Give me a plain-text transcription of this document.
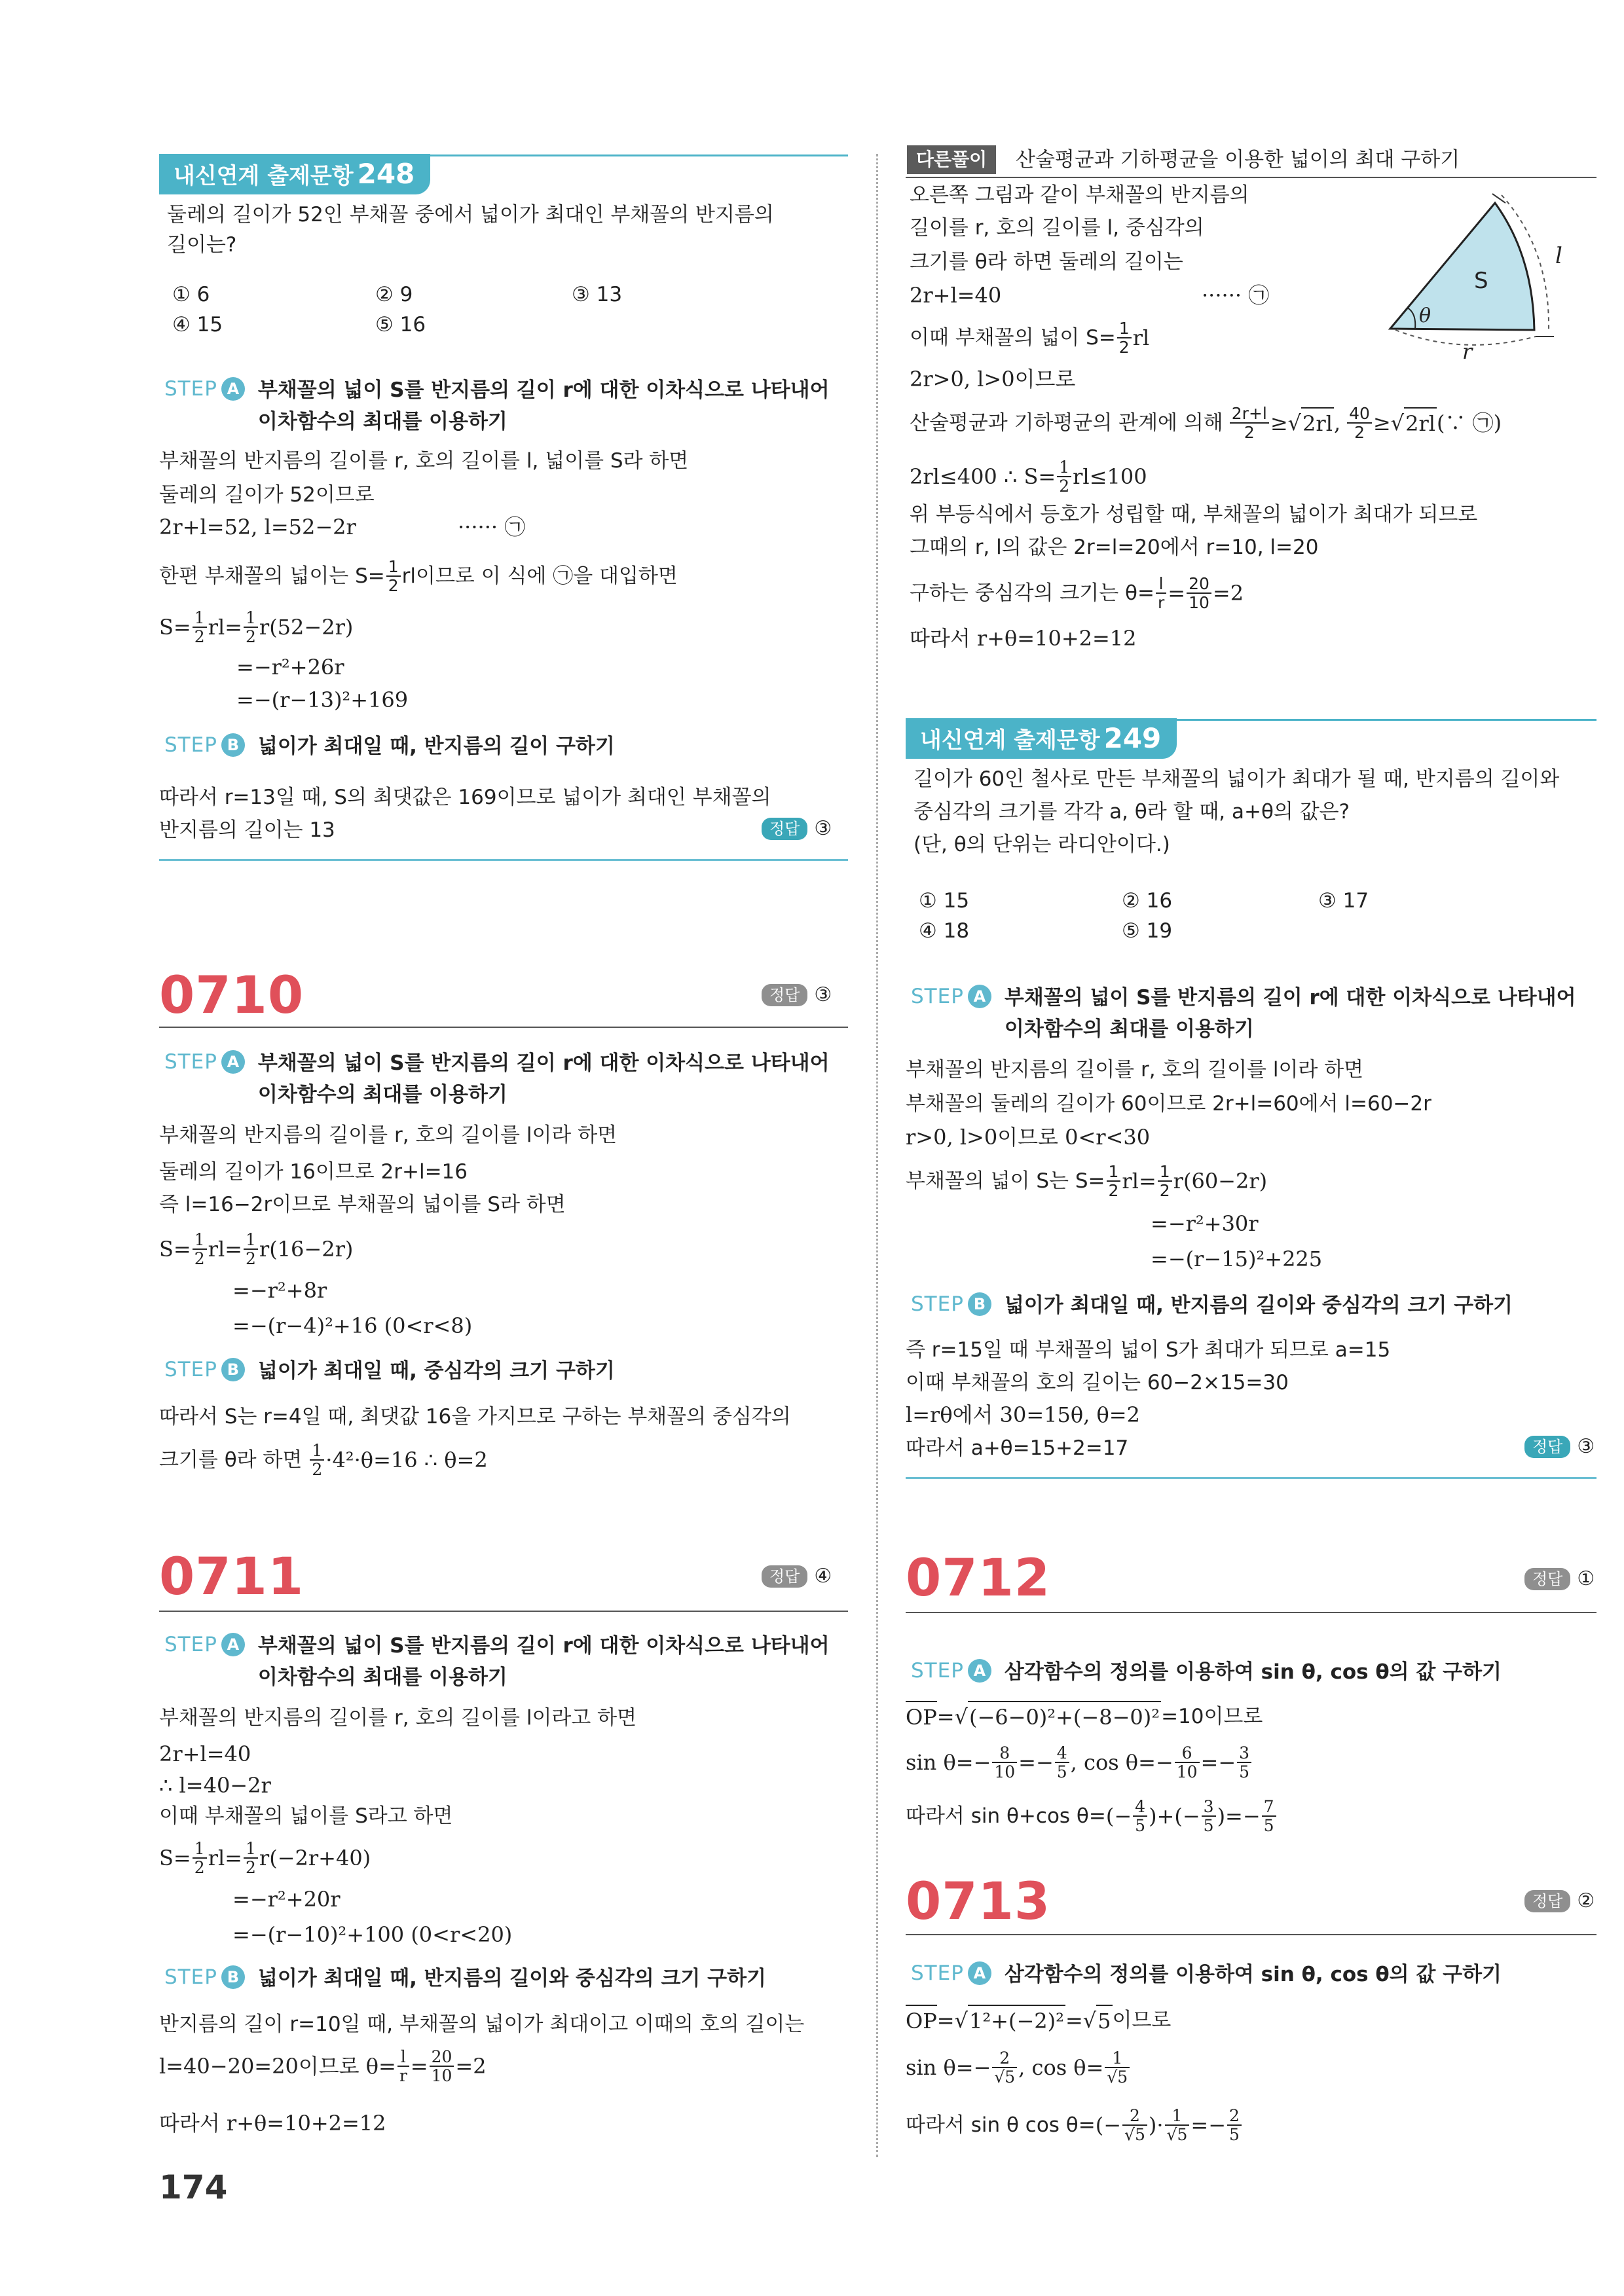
내신연계 출제문항 248
둘레의 길이가 52인 부채꼴 중에서 넓이가 최대인 부채꼴의 반지름의
길이는?
① 6	② 9	③ 13
④ 15	⑤ 16
STEP A 부채꼴의 넓이 S를 반지름의 길이 r에 대한 이차식으로 나타내어
이차함수의 최대를 이용하기
부채꼴의 반지름의 길이를 r, 호의 길이를 l, 넓이를 S라 하면
둘레의 길이가 52이므로
2r+l=52, l=52−2r	······ ㉠
한편 부채꼴의 넓이는 $S= \frac{1}{2}$ rl이므로 이 식에 ㉠을 대입하면
$S= \frac{1}{2} rl= \frac{1}{2} r(52-2r)$
=−r²+26r
=−(r−13)²+169
STEP B 넓이가 최대일 때, 반지름의 길이 구하기
따라서 r=13일 때, S의 최댓값은 169이므로 넓이가 최대인 부채꼴의
반지름의 길이는 13	정답 ③
0710	정답 ③
STEP A 부채꼴의 넓이 S를 반지름의 길이 r에 대한 이차식으로 나타내어
이차함수의 최대를 이용하기
부채꼴의 반지름의 길이를 r, 호의 길이를 l이라 하면
둘레의 길이가 16이므로 2r+l=16
즉 l=16−2r이므로 부채꼴의 넓이를 S라 하면
$S= \frac{1}{2} rl= \frac{1}{2} r(16-2r)$
=−r²+8r
=−(r−4)²+16 (0<r<8)
STEP B 넓이가 최대일 때, 중심각의 크기 구하기
따라서 S는 r=4일 때, 최댓값 16을 가지므로 구하는 부채꼴의 중심각의
크기를 θ라 하면 $\frac{1}{2} \cdot 4^2\cdot\theta=16$ ∴ θ=2
0711	정답 ④
STEP A 부채꼴의 넓이 S를 반지름의 길이 r에 대한 이차식으로 나타내어
이차함수의 최대를 이용하기
부채꼴의 반지름의 길이를 r, 호의 길이를 l이라고 하면
2r+l=40
∴ l=40−2r
이때 부채꼴의 넓이를 S라고 하면
$S= \frac{1}{2} rl= \frac{1}{2} r(-2r+40)$
=−r²+20r
=−(r−10)²+100 (0<r<20)
STEP B 넓이가 최대일 때, 반지름의 길이와 중심각의 크기 구하기
반지름의 길이 r=10일 때, 부채꼴의 넓이가 최대이고 이때의 호의 길이는
l=40−20=20이므로 $\theta= \frac{l}{r} = \frac{20}{10} =2$
따라서 r+θ=10+2=12
다른풀이	산술평균과 기하평균을 이용한 넓이의 최대 구하기
오른쪽 그림과 같이 부채꼴의 반지름의
길이를 r, 호의 길이를 l, 중심각의
크기를 θ라 하면 둘레의 길이는
2r+l=40	······ ㉠
이때 부채꼴의 넓이 $S= \frac{1}{2}$ rl
2r>0, l>0이므로
산술평균과 기하평균의 관계에 의해 $\frac{2r+l}{2}$ ≥ √ 2rl , $\frac{40}{2}$ ≥ √ 2rl (∵ ㉠)
2rl≤400 ∴ $S= \frac{1}{2} rl\le 100$
위 부등식에서 등호가 성립할 때, 부채꼴의 넓이가 최대가 되므로
그때의 r, l의 값은 2r=l=20에서 r=10, l=20
구하는 중심각의 크기는 $\theta= \frac{l}{r} = \frac{20}{10} =2$
따라서 r+θ=10+2=12
S
l
θ
r
내신연계 출제문항 249
길이가 60인 철사로 만든 부채꼴의 넓이가 최대가 될 때, 반지름의 길이와
중심각의 크기를 각각 a, θ라 할 때, a+θ의 값은?
(단, θ의 단위는 라디안이다.)
① 15	② 16	③ 17
④ 18	⑤ 19
STEP A 부채꼴의 넓이 S를 반지름의 길이 r에 대한 이차식으로 나타내어
이차함수의 최대를 이용하기
부채꼴의 반지름의 길이를 r, 호의 길이를 l이라 하면
부채꼴의 둘레의 길이가 60이므로 2r+l=60에서 l=60−2r
r>0, l>0이므로 0<r<30
부채꼴의 넓이 S는 $S= \frac{1}{2} rl= \frac{1}{2} r(60-2r)$
=−r²+30r
=−(r−15)²+225
STEP B 넓이가 최대일 때, 반지름의 길이와 중심각의 크기 구하기
즉 r=15일 때 부채꼴의 넓이 S가 최대가 되므로 a=15
이때 부채꼴의 호의 길이는 60−2×15=30
l=rθ에서 30=15θ, θ=2
따라서 a+θ=15+2=17	정답 ③
0712	정답 ①
STEP A 삼각함수의 정의를 이용하여 sin θ, cos θ의 값 구하기
OP = √ (−6−0)²+(−8−0)² =10이므로
$\sin \theta=- \frac{8}{10} =- \frac{4}{5}$ , $\cos \theta=- \frac{6}{10} =- \frac{3}{5}$
따라서 sin θ+cos θ= (− $\frac{4}{5}$ )+(− $\frac{3}{5}$ )=− $\frac{7}{5}$
0713	정답 ②
STEP A 삼각함수의 정의를 이용하여 sin θ, cos θ의 값 구하기
OP = √ 1²+(−2)² = √ 5 이므로
$\sin \theta=- \frac{2}{√5}$ , $\cos \theta= \frac{1}{√5}$
따라서 sin θ cos θ= (− $\frac{2}{√5}$ )· $\frac{1}{√5} =- \frac{2}{5}$
174
